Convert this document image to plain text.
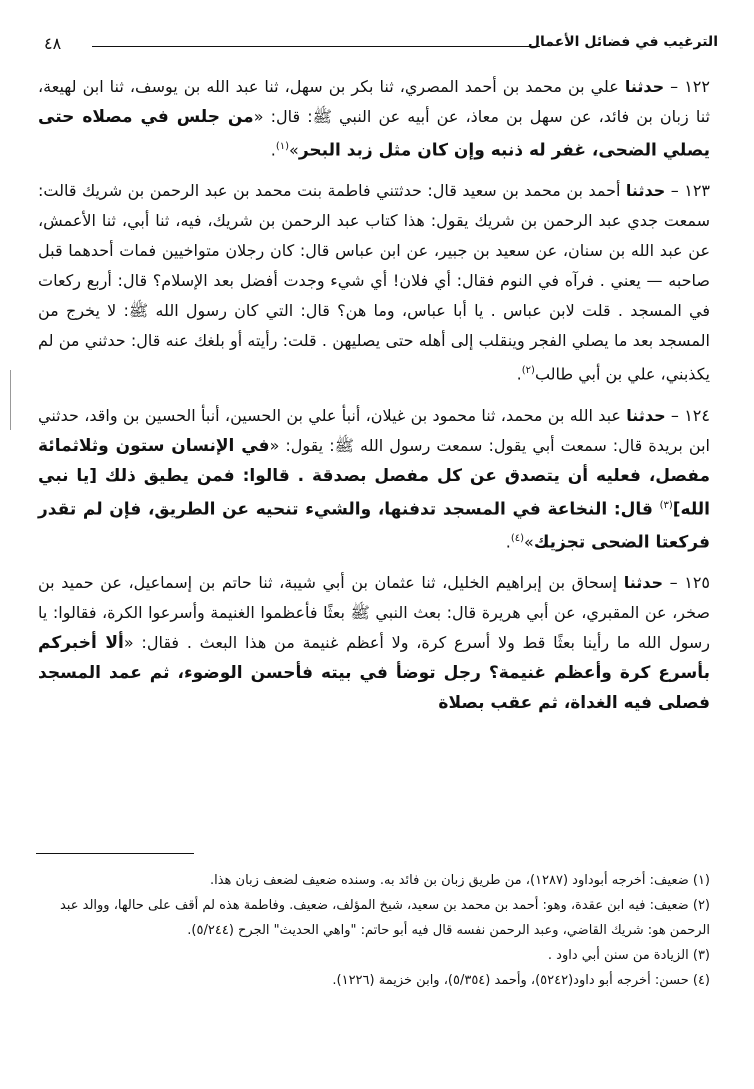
الترغيب في فضائل الأعمال
٤٨

١٢٢ – حدثنا علي بن محمد بن أحمد المصري، ثنا بكر بن سهل، ثنا عبد الله بن يوسف، ثنا ابن لهيعة، ثنا زبان بن فائد، عن سهل بن معاذ، عن أبيه عن النبي ﷺ: قال: «من جلس في مصلاه حتى يصلي الضحى، غفر له ذنبه وإن كان مثل زبد البحر»$^{(١)}$.

١٢٣ – حدثنا أحمد بن محمد بن سعيد قال: حدثتني فاطمة بنت محمد بن عبد الرحمن بن شريك قالت: سمعت جدي عبد الرحمن بن شريك يقول: هذا كتاب عبد الرحمن بن شريك، فيه، ثنا أبي، ثنا الأعمش، عن عبد الله بن سنان، عن سعيد بن جبير، عن ابن عباس قال: كان رجلان متواخيين فمات أحدهما قبل صاحبه — يعني . فرآه في النوم فقال: أي فلان! أي شيء وجدت أفضل بعد الإسلام؟ قال: أربع ركعات في المسجد . قلت لابن عباس . يا أبا عباس، وما هن؟ قال: التي كان رسول الله ﷺ: لا يخرج من المسجد بعد ما يصلي الفجر وينقلب إلى أهله حتى يصليهن . قلت: رأيته أو بلغك عنه قال: حدثني من لم يكذبني، علي بن أبي طالب$^{(٢)}$.

١٢٤ – حدثنا عبد الله بن محمد، ثنا محمود بن غيلان، أنبأ علي بن الحسين، أنبأ الحسين بن واقد، حدثني ابن بريدة قال: سمعت أبي يقول: سمعت رسول الله ﷺ: يقول: «في الإنسان ستون وثلاثمائة مفصل، فعليه أن يتصدق عن كل مفصل بصدقة . قالوا: فمن يطيق ذلك [يا نبي الله]$^{(٣)}$ قال: النخاعة في المسجد تدفنها، والشيء تنحيه عن الطريق، فإن لم تقدر فركعتا الضحى تجزيك»$^{(٤)}$.

١٢٥ – حدثنا إسحاق بن إبراهيم الخليل، ثنا عثمان بن أبي شيبة، ثنا حاتم بن إسماعيل، عن حميد بن صخر، عن المقبري، عن أبي هريرة قال: بعث النبي ﷺ بعثًا فأعظموا الغنيمة وأسرعوا الكرة، فقالوا: يا رسول الله ما رأينا بعثًا قط ولا أسرع كرة، ولا أعظم غنيمة من هذا البعث . فقال: «ألا أخبركم بأسرع كرة وأعظم غنيمة؟ رجل توضأ في بيته فأحسن الوضوء، ثم عمد المسجد فصلى فيه الغداة، ثم عقب بصلاة

(١) ضعيف: أخرجه أبوداود (١٢٨٧)، من طريق زبان بن فائد به. وسنده ضعيف لضعف زبان هذا.

(٢) ضعيف: فيه ابن عقدة، وهو: أحمد بن محمد بن سعيد، شيخ المؤلف، ضعيف. وفاطمة هذه لم أقف على حالها، ووالد عبد الرحمن هو: شريك القاضي، وعبد الرحمن نفسه قال فيه أبو حاتم: "واهي الحديث" الجرح (٥/٢٤٤).

(٣) الزيادة من سنن أبي داود .

(٤) حسن: أخرجه أبو داود(٥٢٤٢)، وأحمد (٥/٣٥٤)، وابن خزيمة (١٢٢٦).
